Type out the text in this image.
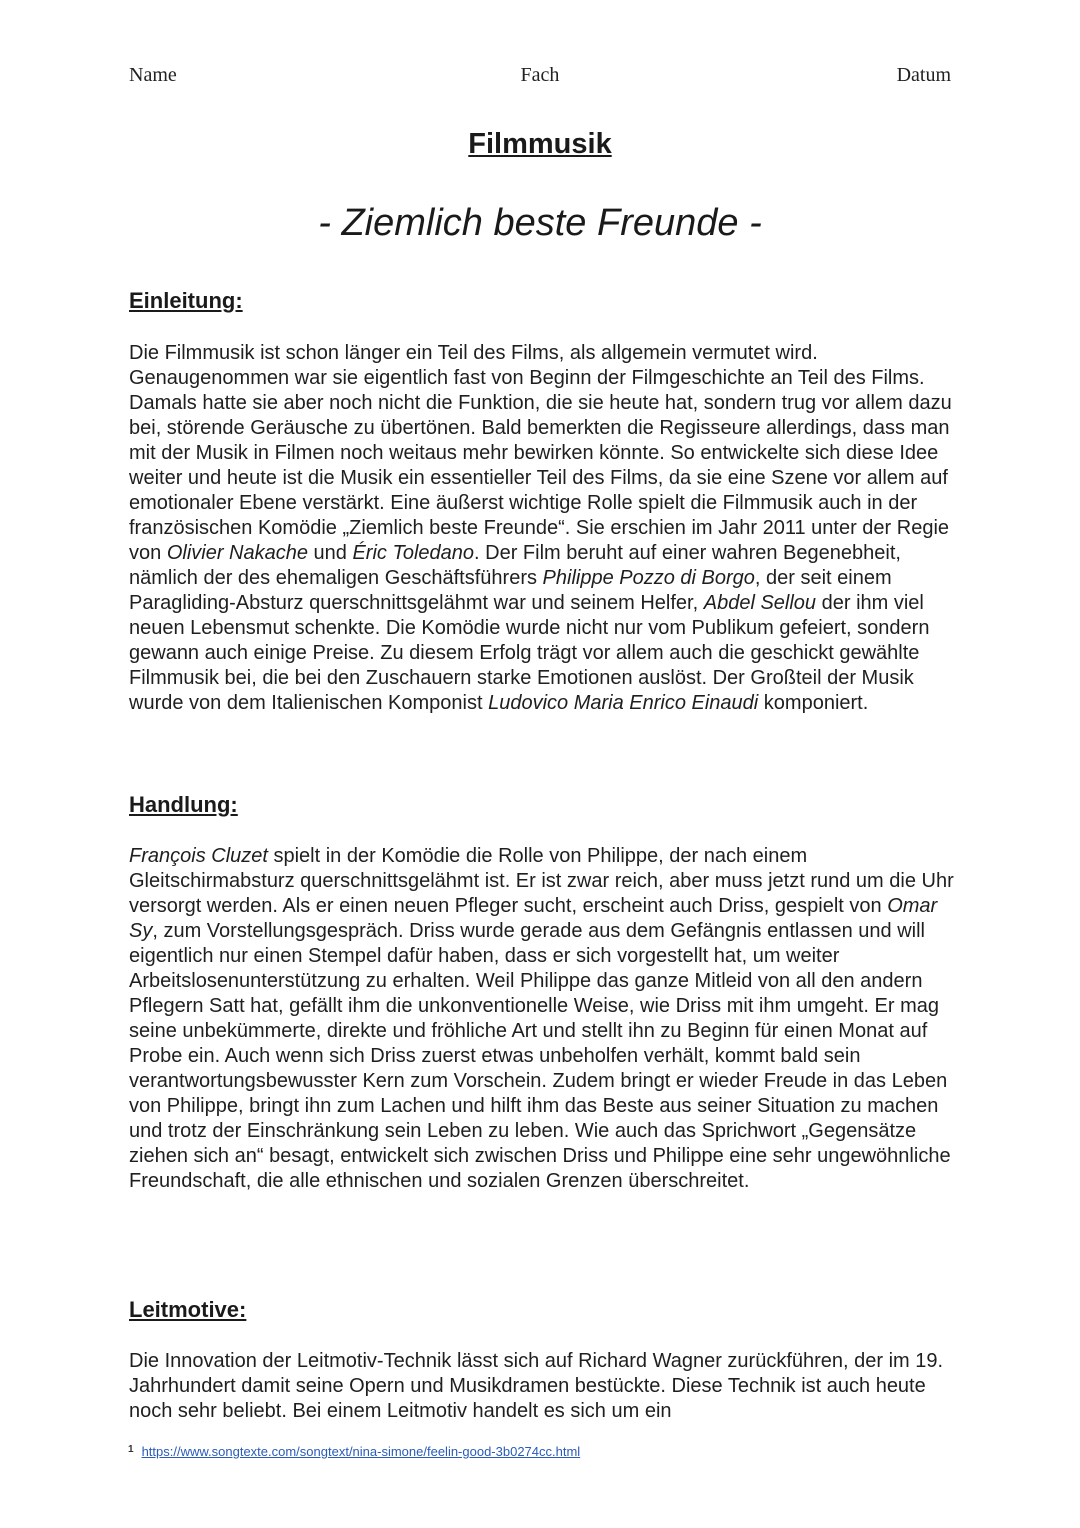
Name	Fach	Datum
Filmmusik
- Ziemlich beste Freunde -
Einleitung:

Die Filmmusik ist schon länger ein Teil des Films, als allgemein vermutet wird. Genaugenommen war sie eigentlich fast von Beginn der Filmgeschichte an Teil des Films. Damals hatte sie aber noch nicht die Funktion, die sie heute hat, sondern trug vor allem dazu bei, störende Geräusche zu übertönen. Bald bemerkten die Regisseure allerdings, dass man mit der Musik in Filmen noch weitaus mehr bewirken könnte. So entwickelte sich diese Idee weiter und heute ist die Musik ein essentieller Teil des Films, da sie eine Szene vor allem auf emotionaler Ebene verstärkt. Eine äußerst wichtige Rolle spielt die Filmmusik auch in der französischen Komödie „Ziemlich beste Freunde“. Sie erschien im Jahr 2011 unter der Regie von Olivier Nakache und Éric Toledano. Der Film beruht auf einer wahren Begenebheit, nämlich der des ehemaligen Geschäftsführers Philippe Pozzo di Borgo, der seit einem Paragliding-Absturz querschnittsgelähmt war und seinem Helfer, Abdel Sellou der ihm viel neuen Lebensmut schenkte. Die Komödie wurde nicht nur vom Publikum gefeiert, sondern gewann auch einige Preise. Zu diesem Erfolg trägt vor allem auch die geschickt gewählte Filmmusik bei, die bei den Zuschauern starke Emotionen auslöst. Der Großteil der Musik wurde von dem Italienischen Komponist Ludovico Maria Enrico Einaudi komponiert.

Handlung:

François Cluzet spielt in der Komödie die Rolle von Philippe, der nach einem Gleitschirmabsturz querschnittsgelähmt ist. Er ist zwar reich, aber muss jetzt rund um die Uhr versorgt werden. Als er einen neuen Pfleger sucht, erscheint auch Driss, gespielt von Omar Sy, zum Vorstellungsgespräch. Driss wurde gerade aus dem Gefängnis entlassen und will eigentlich nur einen Stempel dafür haben, dass er sich vorgestellt hat, um weiter Arbeitslosenunterstützung zu erhalten. Weil Philippe das ganze Mitleid von all den andern Pflegern Satt hat, gefällt ihm die unkonventionelle Weise, wie Driss mit ihm umgeht. Er mag seine unbekümmerte, direkte und fröhliche Art und stellt ihn zu Beginn für einen Monat auf Probe ein. Auch wenn sich Driss zuerst etwas unbeholfen verhält, kommt bald sein verantwortungsbewusster Kern zum Vorschein. Zudem bringt er wieder Freude in das Leben von Philippe, bringt ihn zum Lachen und hilft ihm das Beste aus seiner Situation zu machen und trotz der Einschränkung sein Leben zu leben. Wie auch das Sprichwort „Gegensätze ziehen sich an“ besagt, entwickelt sich zwischen Driss und Philippe eine sehr ungewöhnliche Freundschaft, die alle ethnischen und sozialen Grenzen überschreitet.

Leitmotive:

Die Innovation der Leitmotiv-Technik lässt sich auf Richard Wagner zurückführen, der im 19. Jahrhundert damit seine Opern und Musikdramen bestückte. Diese Technik ist auch heute noch sehr beliebt. Bei einem Leitmotiv handelt es sich um ein

$^1$ https://www.songtexte.com/songtext/nina-simone/feelin-good-3b0274cc.html
